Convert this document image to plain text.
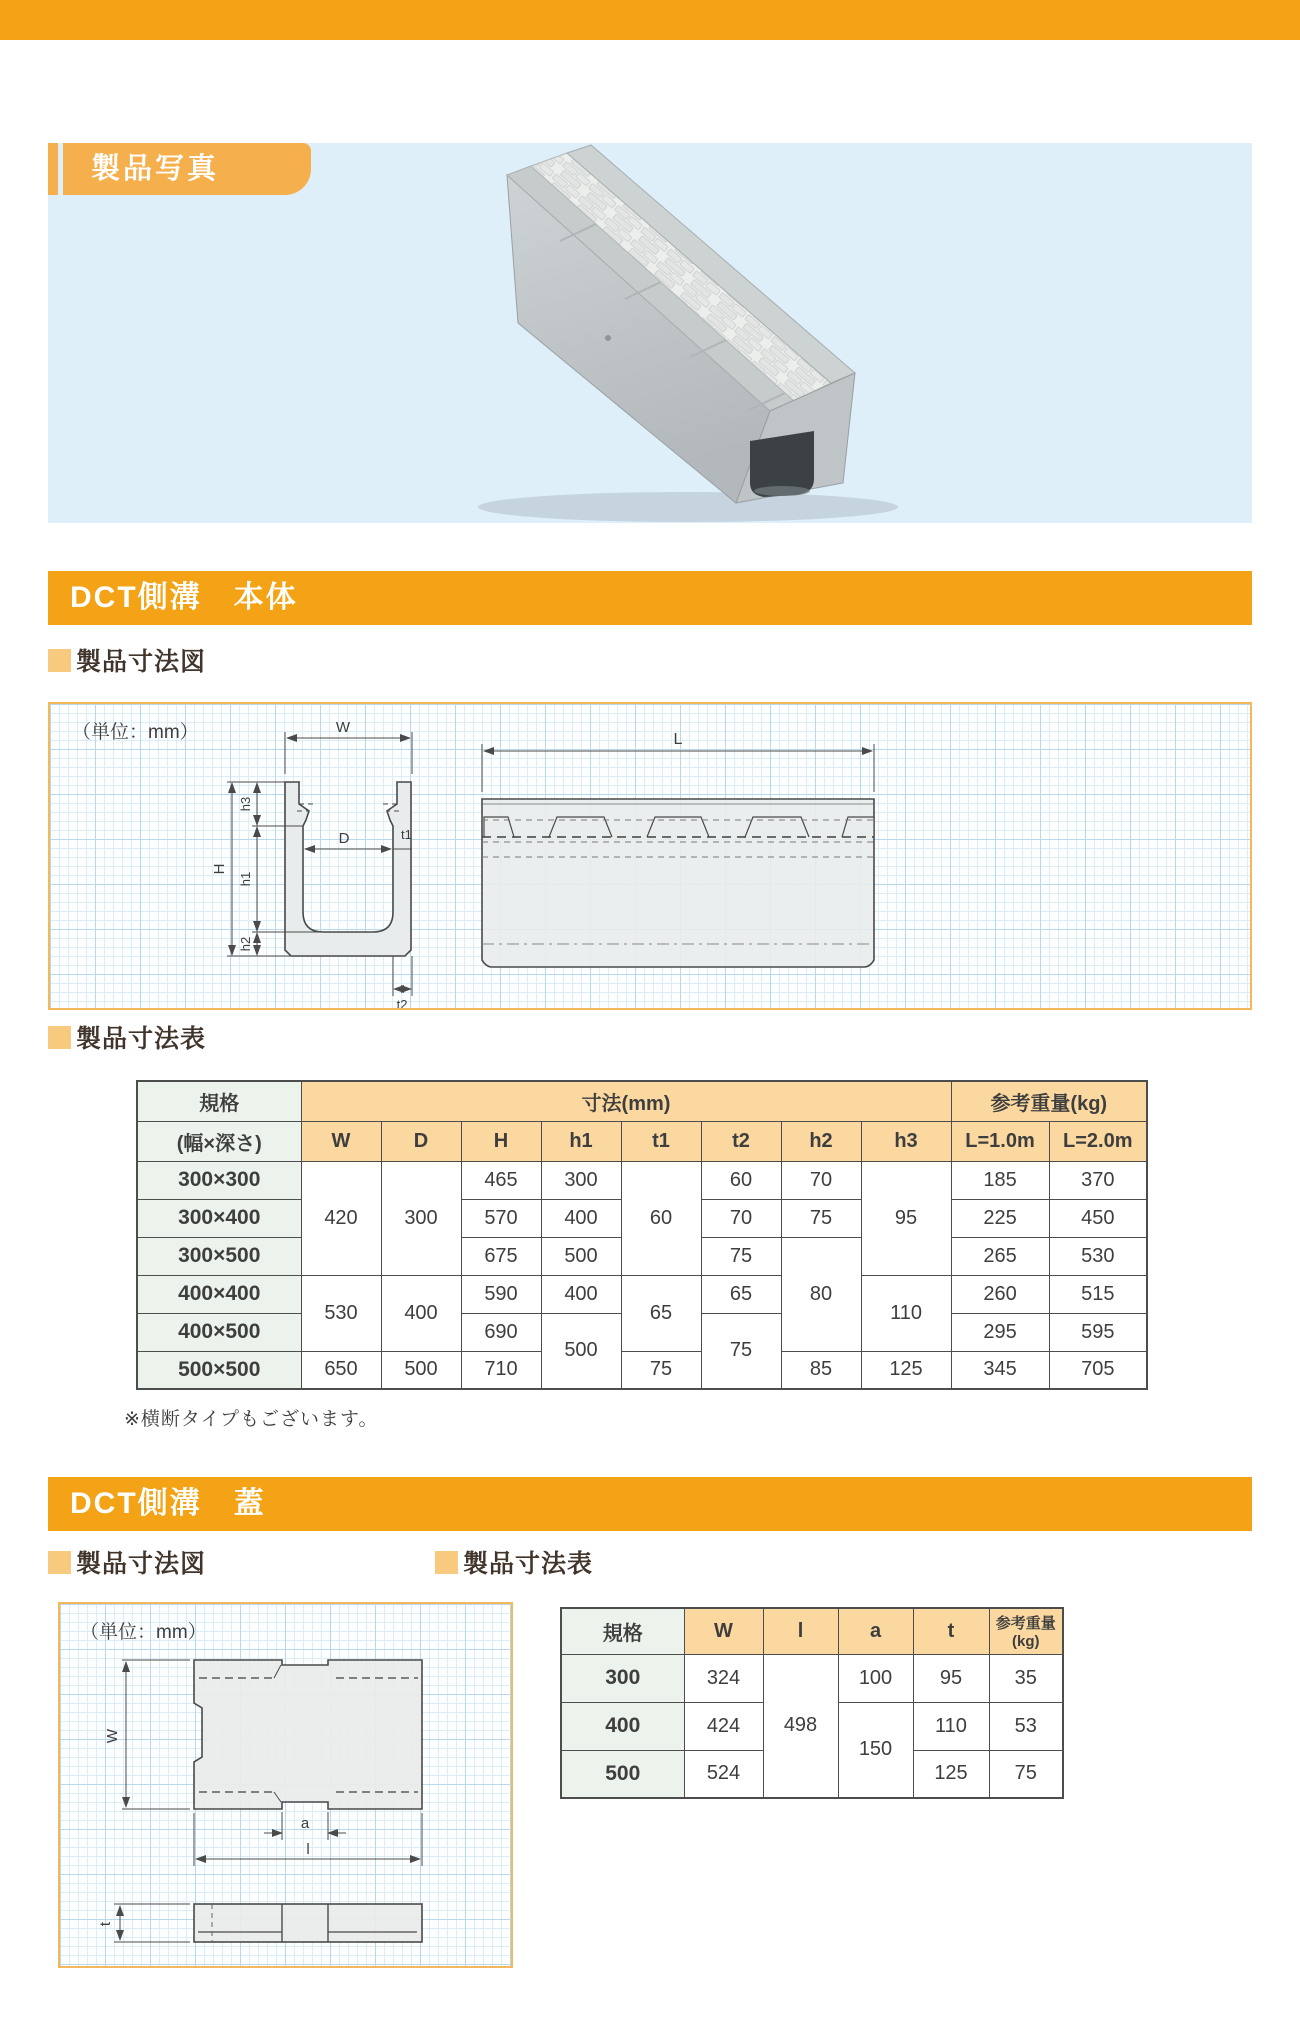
製品写真
DCT側溝　本体
製品寸法図
（単位：mm）	W
D	t1
H
h3
h1
h2
t2
L
製品寸法表
規格	寸法(mm)								参考重量(kg)	
(幅×深さ)	W	D	H	h1	t1	t2	h2	h3	L=1.0m	L=2.0m
300×300	420	300	465	300	60	60	70	95	185	370
300×400			570	400		70	75		225	450
300×500			675	500		75	80		265	530
400×400	530	400	590	400	65	65		110	260	515
400×500			690	500		75			295	595
500×500	650	500	710		75		85	125	345	705
※横断タイプもございます。
DCT側溝　蓋
製品寸法図	製品寸法表
（単位：mm）
W
a
l
t
規格	W	l	a	t	参考重量(kg)
300	324	498	100	95	35
400	424		150	110	53
500	524			125	75
